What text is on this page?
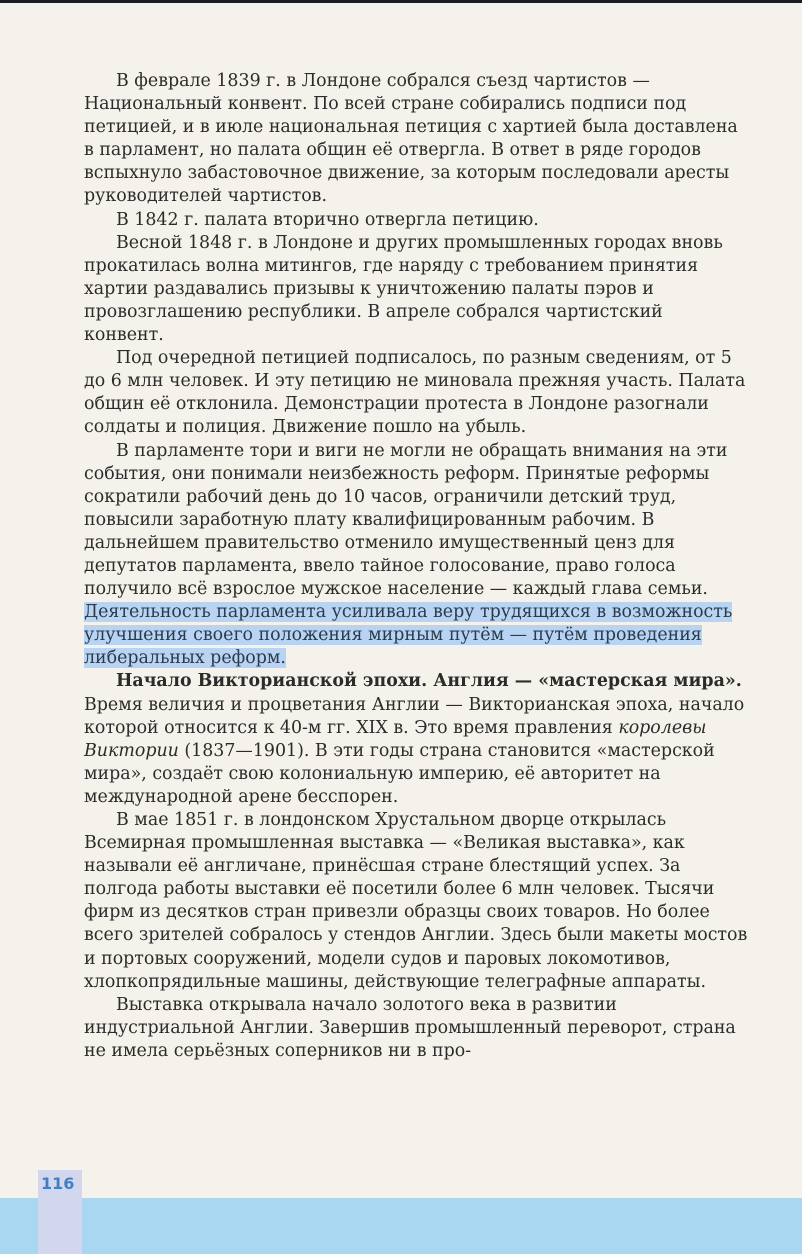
В феврале 1839 г. в Лондоне собрался съезд чартистов — Национальный конвент. По всей стране собирались подписи под петицией, и в июле национальная петиция с хартией была доставлена в парламент, но палата общин её отвергла. В ответ в ряде городов вспыхнуло забастовочное движение, за которым последовали аресты руководителей чартистов.

В 1842 г. палата вторично отвергла петицию.

Весной 1848 г. в Лондоне и других промышленных городах вновь прокатилась волна митингов, где наряду с требованием принятия хартии раздавались призывы к уничтожению палаты пэров и провозглашению республики. В апреле собрался чартистский конвент.

Под очередной петицией подписалось, по разным сведениям, от 5 до 6 млн человек. И эту петицию не миновала прежняя участь. Палата общин её отклонила. Демонстрации протеста в Лондоне разогнали солдаты и полиция. Движение пошло на убыль.

В парламенте тори и виги не могли не обращать внимания на эти события, они понимали неизбежность реформ. Принятые реформы сократили рабочий день до 10 часов, ограничили детский труд, повысили заработную плату квалифицированным рабочим. В дальнейшем правительство отменило имущественный ценз для депутатов парламента, ввело тайное голосование, право голоса получило всё взрослое мужское население — каждый глава семьи. Деятельность парламента усиливала веру трудящихся в возможность улучшения своего положения мирным путём — путём проведения либеральных реформ.

Начало Викторианской эпохи. Англия — «мастерская мира». Время величия и процветания Англии — Викторианская эпоха, начало которой относится к 40-м гг. XIX в. Это время правления королевы Виктории (1837—1901). В эти годы страна становится «мастерской мира», создаёт свою колониальную империю, её авторитет на международной арене бесспорен.

В мае 1851 г. в лондонском Хрустальном дворце открылась Всемирная промышленная выставка — «Великая выставка», как называли её англичане, принёсшая стране блестящий успех. За полгода работы выставки её посетили более 6 млн человек. Тысячи фирм из десятков стран привезли образцы своих товаров. Но более всего зрителей собралось у стендов Англии. Здесь были макеты мостов и портовых сооружений, модели судов и паровых локомотивов, хлопкопрядильные машины, действующие телеграфные аппараты.

Выставка открывала начало золотого века в развитии индустриальной Англии. Завершив промышленный переворот, страна не имела серьёзных соперников ни в про-

116
